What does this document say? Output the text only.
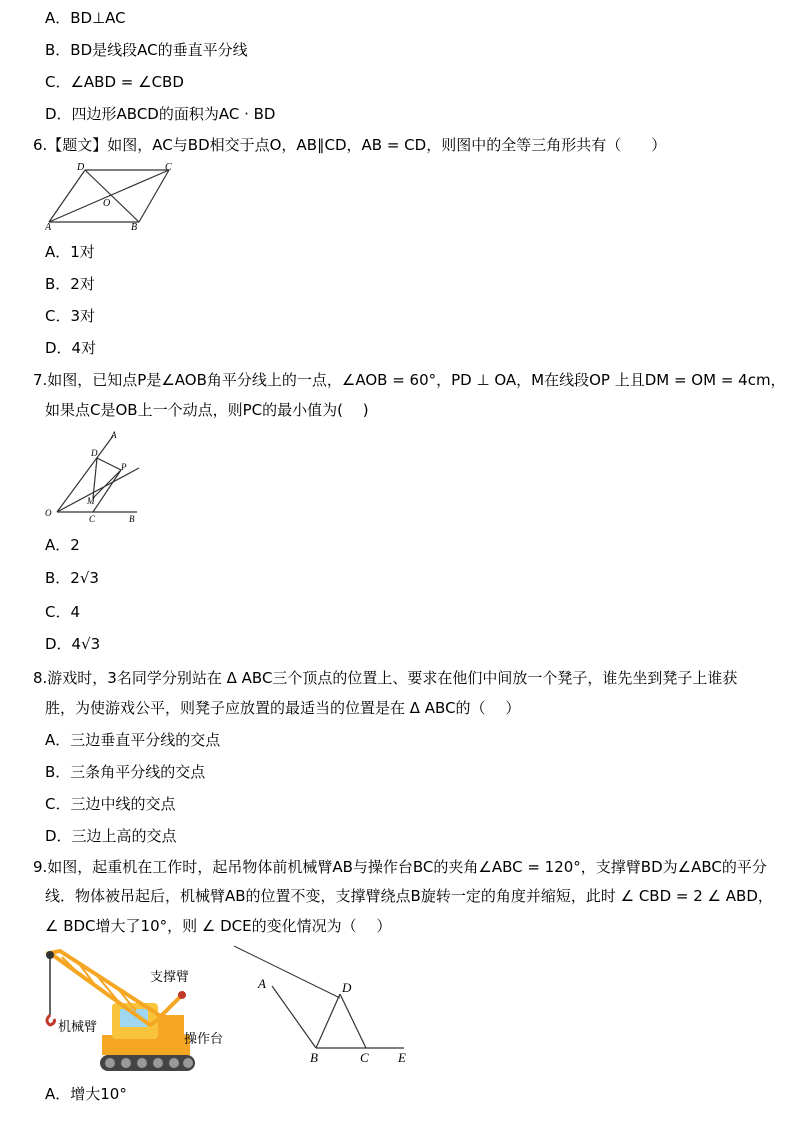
A．BD⊥AC
B．BD是线段AC的垂直平分线
C．∠ABD = ∠CBD
D．四边形ABCD的面积为AC · BD
6.【题文】如图，AC与BD相交于点O，AB∥CD，AB = CD，则图中的全等三角形共有（　　）
D	C
O
A	B
A．1对
B．2对
C．3对
D．4对
7.如图，已知点P是∠AOB角平分线上的一点，∠AOB = 60°，PD ⊥ OA，M在线段OP 上且DM = OM = 4cm，
如果点C是OB上一个动点，则PC的最小值为(　 )
A
D
P
M
O
C	B
A．2
B．2√3
C．4
D．4√3
8.游戏时，3名同学分别站在 Δ ABC三个顶点的位置上、要求在他们中间放一个凳子，谁先坐到凳子上谁获
胜，为使游戏公平，则凳子应放置的最适当的位置是在 Δ ABC的（　 ）
A．三边垂直平分线的交点
B．三条角平分线的交点
C．三边中线的交点
D．三边上高的交点
9.如图，起重机在工作时，起吊物体前机械臂AB与操作台BC的夹角∠ABC = 120°，支撑臂BD为∠ABC的平分
线．物体被吊起后，机械臂AB的位置不变，支撑臂绕点B旋转一定的角度并缩短，此时 ∠ CBD = 2 ∠ ABD，
∠ BDC增大了10°，则 ∠ DCE的变化情况为（　 ）
支撑臂
机械臂
操作台
A	D
B	C E
A．增大10°
